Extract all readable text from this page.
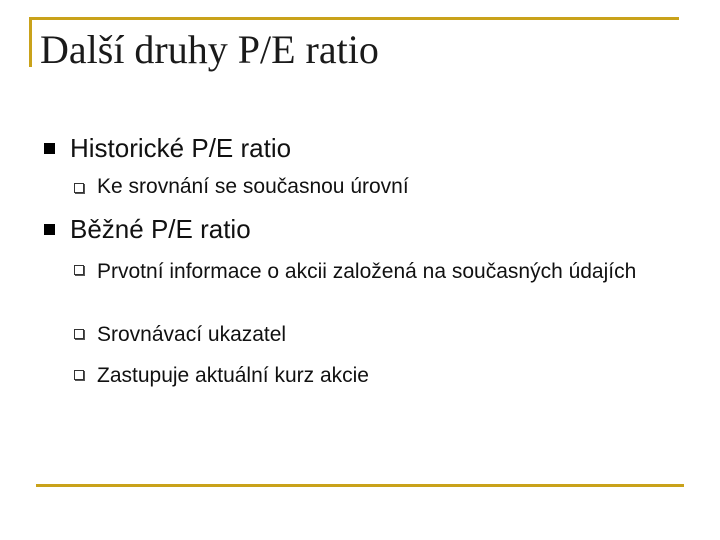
Další druhy P/E ratio
Historické P/E ratio
Ke srovnání se současnou úrovní
Běžné P/E ratio
Prvotní informace o akcii založená na současných údajích
Srovnávací ukazatel
Zastupuje aktuální kurz akcie
